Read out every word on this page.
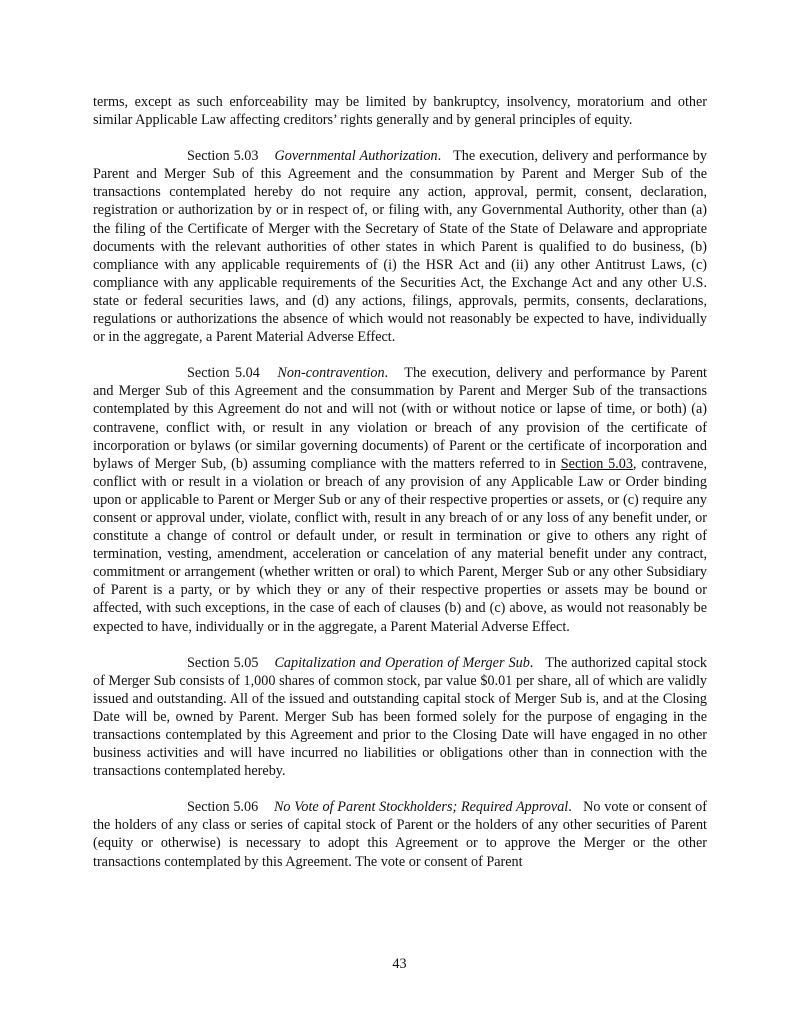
terms, except as such enforceability may be limited by bankruptcy, insolvency, moratorium and other similar Applicable Law affecting creditors’ rights generally and by general principles of equity.

Section 5.03 Governmental Authorization.   The execution, delivery and performance by Parent and Merger Sub of this Agreement and the consummation by Parent and Merger Sub of the transactions contemplated hereby do not require any action, approval, permit, consent, declaration, registration or authorization by or in respect of, or filing with, any Governmental Authority, other than (a) the filing of the Certificate of Merger with the Secretary of State of the State of Delaware and appropriate documents with the relevant authorities of other states in which Parent is qualified to do business, (b) compliance with any applicable requirements of (i) the HSR Act and (ii) any other Antitrust Laws, (c) compliance with any applicable requirements of the Securities Act, the Exchange Act and any other U.S. state or federal securities laws, and (d) any actions, filings, approvals, permits, consents, declarations, regulations or authorizations the absence of which would not reasonably be expected to have, individually or in the aggregate, a Parent Material Adverse Effect.

Section 5.04 Non-contravention.   The execution, delivery and performance by Parent and Merger Sub of this Agreement and the consummation by Parent and Merger Sub of the transactions contemplated by this Agreement do not and will not (with or without notice or lapse of time, or both) (a) contravene, conflict with, or result in any violation or breach of any provision of the certificate of incorporation or bylaws (or similar governing documents) of Parent or the certificate of incorporation and bylaws of Merger Sub, (b) assuming compliance with the matters referred to in Section 5.03, contravene, conflict with or result in a violation or breach of any provision of any Applicable Law or Order binding upon or applicable to Parent or Merger Sub or any of their respective properties or assets, or (c) require any consent or approval under, violate, conflict with, result in any breach of or any loss of any benefit under, or constitute a change of control or default under, or result in termination or give to others any right of termination, vesting, amendment, acceleration or cancelation of any material benefit under any contract, commitment or arrangement (whether written or oral) to which Parent, Merger Sub or any other Subsidiary of Parent is a party, or by which they or any of their respective properties or assets may be bound or affected, with such exceptions, in the case of each of clauses (b) and (c) above, as would not reasonably be expected to have, individually or in the aggregate, a Parent Material Adverse Effect.

Section 5.05 Capitalization and Operation of Merger Sub.   The authorized capital stock of Merger Sub consists of 1,000 shares of common stock, par value $0.01 per share, all of which are validly issued and outstanding. All of the issued and outstanding capital stock of Merger Sub is, and at the Closing Date will be, owned by Parent. Merger Sub has been formed solely for the purpose of engaging in the transactions contemplated by this Agreement and prior to the Closing Date will have engaged in no other business activities and will have incurred no liabilities or obligations other than in connection with the transactions contemplated hereby.

Section 5.06 No Vote of Parent Stockholders; Required Approval.   No vote or consent of the holders of any class or series of capital stock of Parent or the holders of any other securities of Parent (equity or otherwise) is necessary to adopt this Agreement or to approve the Merger or the other transactions contemplated by this Agreement. The vote or consent of Parent

43
